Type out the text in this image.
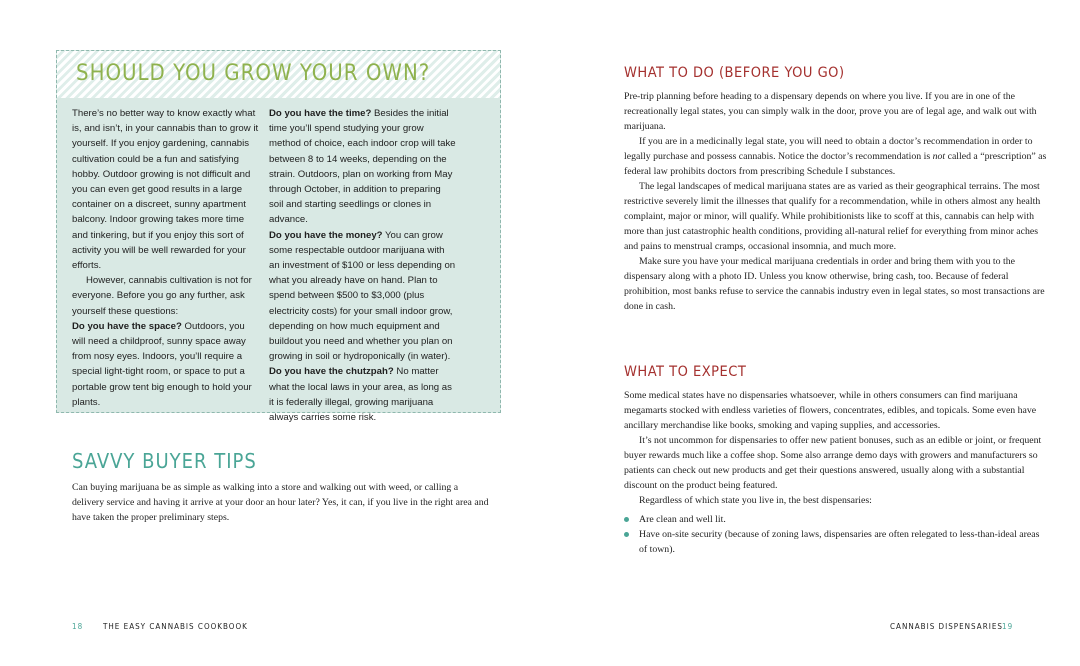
SHOULD YOU GROW YOUR OWN?

There’s no better way to know exactly what is, and isn’t, in your cannabis than to grow it yourself. If you enjoy gardening, cannabis cultivation could be a fun and satisfying hobby. Outdoor growing is not difficult and you can even get good results in a large container on a discreet, sunny apartment balcony. Indoor growing takes more time and tinkering, but if you enjoy this sort of activity you will be well rewarded for your efforts.

However, cannabis cultivation is not for everyone. Before you go any further, ask yourself these questions:

Do you have the space? Outdoors, you will need a childproof, sunny space away from nosy eyes. Indoors, you’ll require a special light-tight room, or space to put a portable grow tent big enough to hold your plants.

Do you have the time? Besides the initial time you’ll spend studying your grow method of choice, each indoor crop will take between 8 to 14 weeks, depending on the strain. Outdoors, plan on working from May through October, in addition to preparing soil and starting seedlings or clones in advance.

Do you have the money? You can grow some respectable outdoor marijuana with an investment of $100 or less depending on what you already have on hand. Plan to spend between $500 to $3,000 (plus electricity costs) for your small indoor grow, depending on how much equipment and buildout you need and whether you plan on growing in soil or hydroponically (in water).

Do you have the chutzpah? No matter what the local laws in your area, as long as it is federally illegal, growing marijuana always carries some risk.

SAVVY BUYER TIPS
Can buying marijuana be as simple as walking into a store and walking out with weed, or calling a delivery service and having it arrive at your door an hour later? Yes, it can, if you live in the right area and have taken the proper preliminary steps.
18 THE EASY CANNABIS COOKBOOK
WHAT TO DO (BEFORE YOU GO)

Pre-trip planning before heading to a dispensary depends on where you live. If you are in one of the recreationally legal states, you can simply walk in the door, prove you are of legal age, and walk out with marijuana.

If you are in a medicinally legal state, you will need to obtain a doctor’s recommendation in order to legally purchase and possess cannabis. Notice the doctor’s recommendation is not called a “prescription” as federal law prohibits doctors from prescribing Schedule I substances.

The legal landscapes of medical marijuana states are as varied as their geographical terrains. The most restrictive severely limit the illnesses that qualify for a recommendation, while in others almost any health complaint, major or minor, will qualify. While prohibitionists like to scoff at this, cannabis can help with more than just catastrophic health conditions, providing all-natural relief for everything from minor aches and pains to menstrual cramps, occasional insomnia, and much more.

Make sure you have your medical marijuana credentials in order and bring them with you to the dispensary along with a photo ID. Unless you know otherwise, bring cash, too. Because of federal prohibition, most banks refuse to service the cannabis industry even in legal states, so most transactions are done in cash.

WHAT TO EXPECT

Some medical states have no dispensaries whatsoever, while in others consumers can find marijuana megamarts stocked with endless varieties of flowers, concentrates, edibles, and topicals. Some even have ancillary merchandise like books, smoking and vaping supplies, and accessories.

It’s not uncommon for dispensaries to offer new patient bonuses, such as an edible or joint, or frequent buyer rewards much like a coffee shop. Some also arrange demo days with growers and manufacturers so patients can check out new products and get their questions answered, usually along with a substantial discount on the product being featured.

Regardless of which state you live in, the best dispensaries:

Are clean and well lit.
Have on-site security (because of zoning laws, dispensaries are often relegated to less-than-ideal areas of town).
CANNABIS DISPENSARIES 19
